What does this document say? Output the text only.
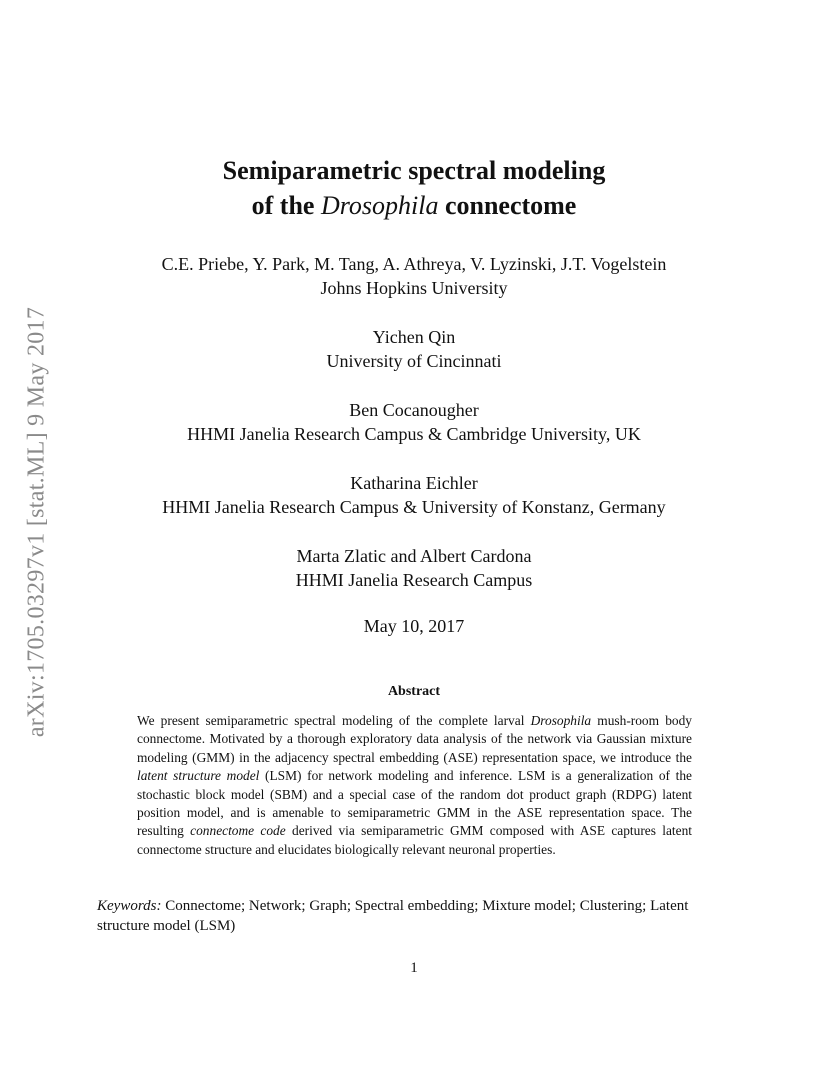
arXiv:1705.03297v1 [stat.ML] 9 May 2017
Semiparametric spectral modeling
of the Drosophila connectome
C.E. Priebe, Y. Park, M. Tang, A. Athreya, V. Lyzinski, J.T. Vogelstein
Johns Hopkins University
Yichen Qin
University of Cincinnati
Ben Cocanougher
HHMI Janelia Research Campus & Cambridge University, UK
Katharina Eichler
HHMI Janelia Research Campus & University of Konstanz, Germany
Marta Zlatic and Albert Cardona
HHMI Janelia Research Campus
May 10, 2017
Abstract
We present semiparametric spectral modeling of the complete larval Drosophila mush-room body connectome. Motivated by a thorough exploratory data analysis of the network via Gaussian mixture modeling (GMM) in the adjacency spectral embedding (ASE) representation space, we introduce the latent structure model (LSM) for network modeling and inference. LSM is a generalization of the stochastic block model (SBM) and a special case of the random dot product graph (RDPG) latent position model, and is amenable to semiparametric GMM in the ASE representation space. The resulting connectome code derived via semiparametric GMM composed with ASE captures latent connectome structure and elucidates biologically relevant neuronal properties.
Keywords: Connectome; Network; Graph; Spectral embedding; Mixture model; Clustering; Latent structure model (LSM)
1
